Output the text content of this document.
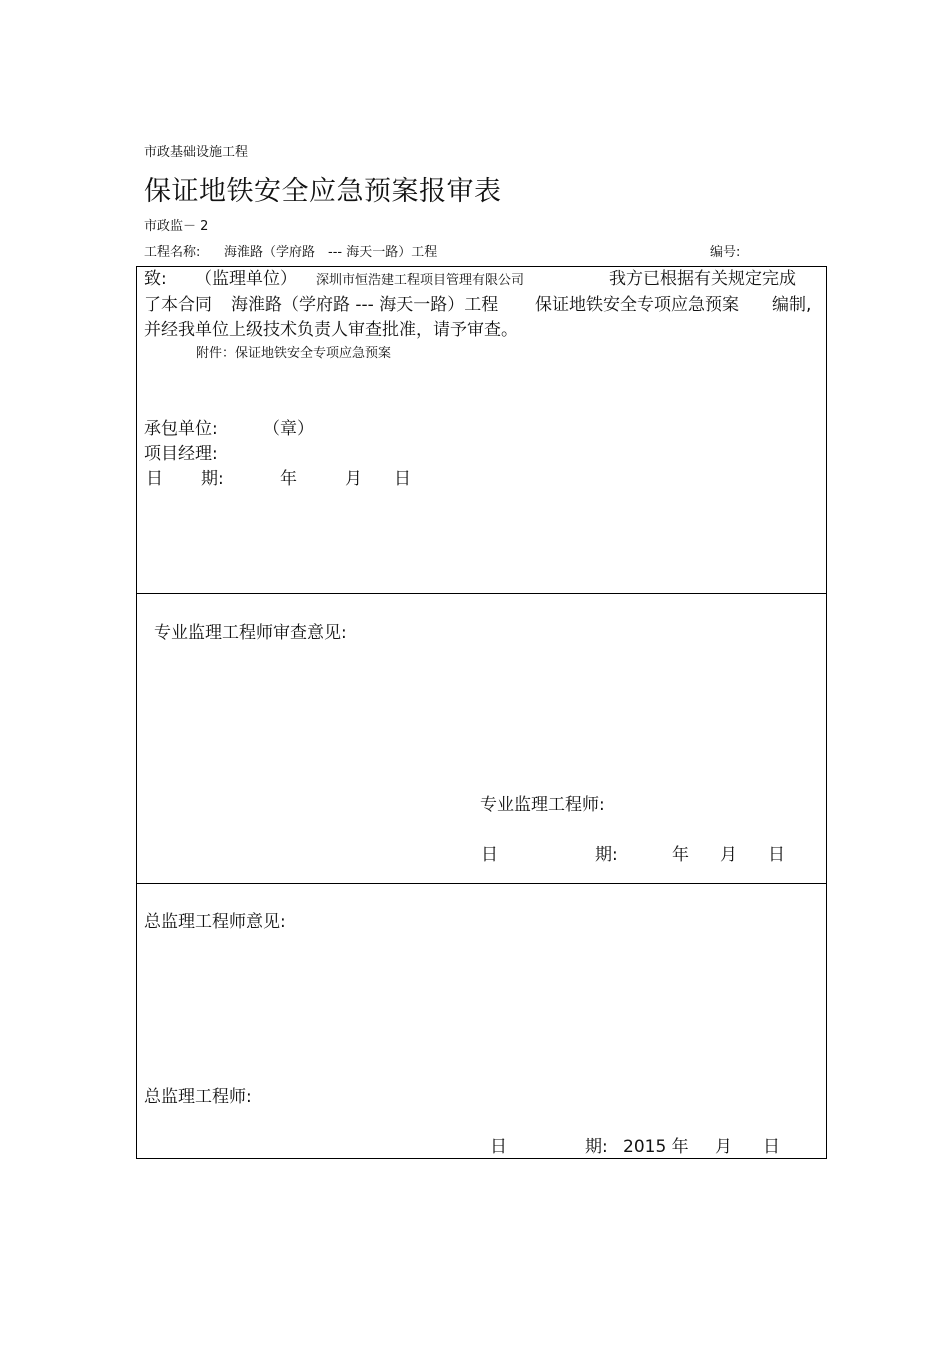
市政基础设施工程
保证地铁安全应急预案报审表
市政监－ 2
工程名称: 海淮路（学府路　--- 海天一路）工程	编号:
致: （监理单位） 深圳市恒浩建工程项目管理有限公司	我方已根据有关规定完成
了本合同 海淮路（学府路 --- 海天一路）工程 保证地铁安全专项应急预案 编制,
并经我单位上级技术负责人审查批准，请予审查。
附件：保证地铁安全专项应急预案
承包单位:	（章）
项目经理:
日 期:	年	月 日
专业监理工程师审查意见:
专业监理工程师:
日	期:	年 月 日
总监理工程师意见:
总监理工程师:
日	期: 2015 年 月 日
